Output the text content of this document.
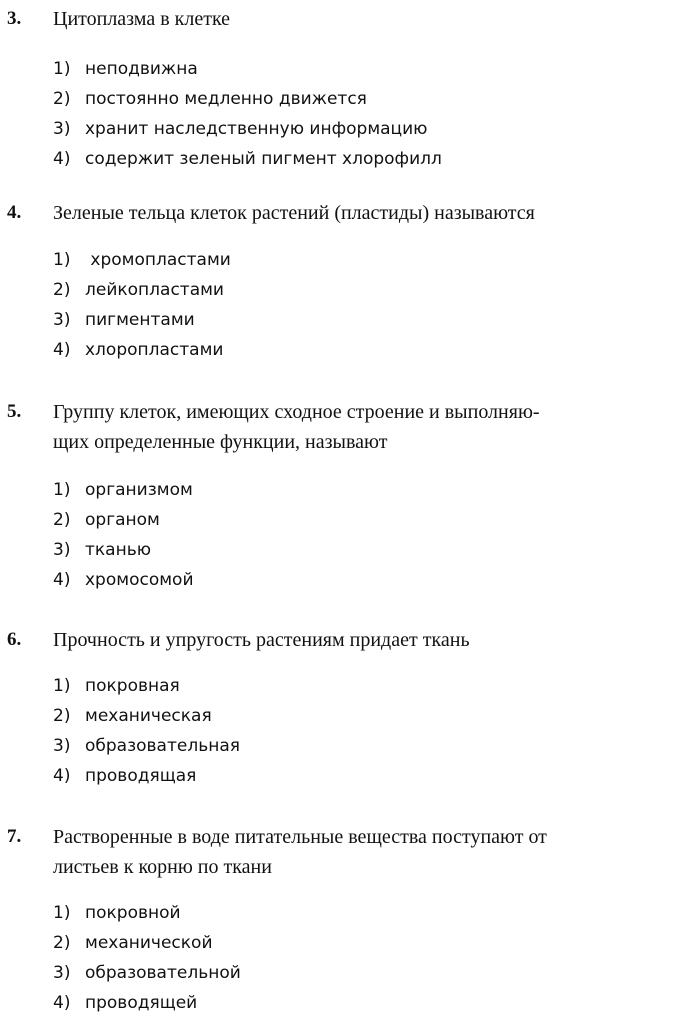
3. Цитоплазма в клетке
1) неподвижна
2) постоянно медленно движется
3) хранит наследственную информацию
4) содержит зеленый пигмент хлорофилл
4. Зеленые тельца клеток растений (пластиды) называются
1) хромопластами
2) лейкопластами
3) пигментами
4) хлоропластами
5. Группу клеток, имеющих сходное строение и выполняю-
щих определенные функции, называют
1) организмом
2) органом
3) тканью
4) хромосомой
6. Прочность и упругость растениям придает ткань
1) покровная
2) механическая
3) образовательная
4) проводящая
7. Растворенные в воде питательные вещества поступают от
листьев к корню по ткани
1) покровной
2) механической
3) образовательной
4) проводящей
